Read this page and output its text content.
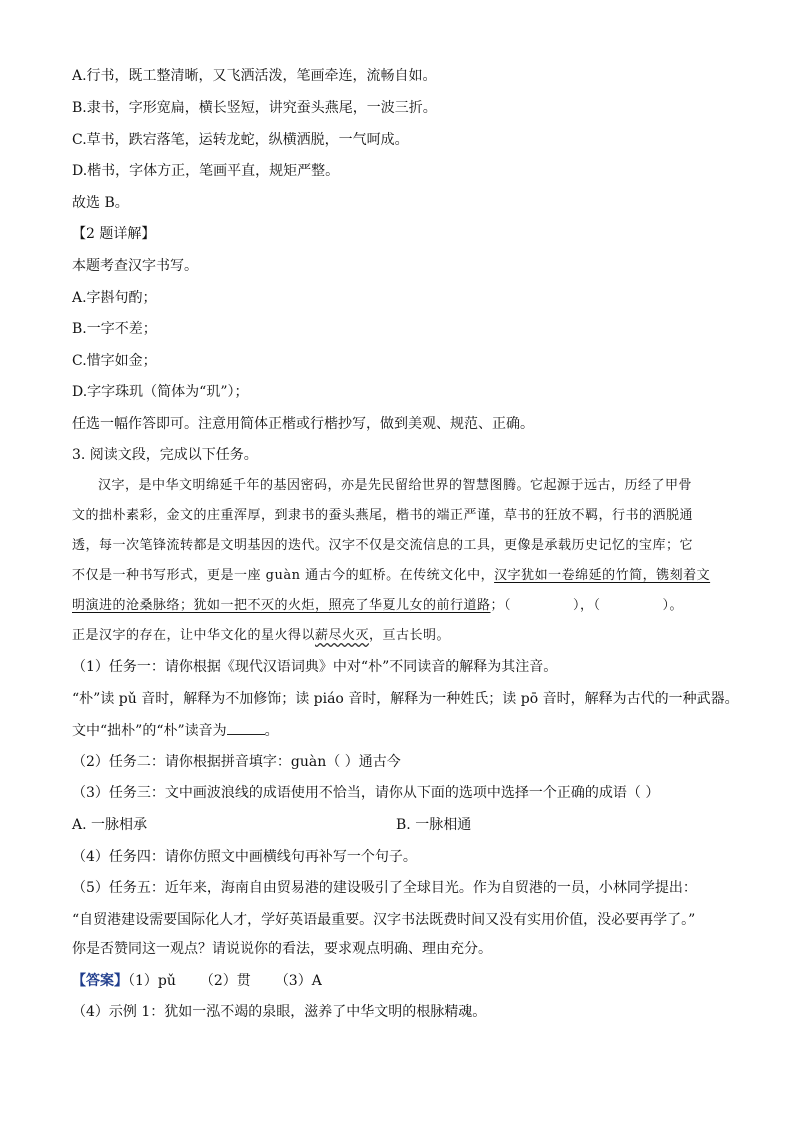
A.行书，既工整清晰，又飞洒活泼，笔画牵连，流畅自如。
B.隶书，字形宽扁，横长竖短，讲究蚕头燕尾，一波三折。
C.草书，跌宕落笔，运转龙蛇，纵横洒脱，一气呵成。
D.楷书，字体方正，笔画平直，规矩严整。
故选 B。
【2 题详解】
本题考查汉字书写。
A.字斟句酌；
B.一字不差；
C.惜字如金；
D.字字珠玑（简体为“玑”）；
任选一幅作答即可。注意用简体正楷或行楷抄写，做到美观、规范、正确。
3. 阅读文段，完成以下任务。
汉字，是中华文明绵延千年的基因密码，亦是先民留给世界的智慧图腾。它起源于远古，历经了甲骨
文的拙朴素彩，金文的庄重浑厚，到隶书的蚕头燕尾，楷书的端正严谨，草书的狂放不羁，行书的洒脱通
透，每一次笔锋流转都是文明基因的迭代。汉字不仅是交流信息的工具，更像是承载历史记忆的宝库；它
不仅是一种书写形式，更是一座 guàn 通古今的虹桥。在传统文化中，汉字犹如一卷绵延的竹简，镌刻着文
明演进的沧桑脉络；犹如一把不灭的火炬，照亮了华夏儿女的前行道路；（	），（	）。
正是汉字的存在，让中华文化的星火得以薪尽火灭，亘古长明。
（1）任务一：请你根据《现代汉语词典》中对“朴”不同读音的解释为其注音。
“朴”读 pǔ 音时，解释为不加修饰；读 piáo 音时，解释为一种姓氏；读 pō 音时，解释为古代的一种武器。
文中“拙朴”的“朴”读音为	。
（2）任务二：请你根据拼音填字：guàn（ ）通古今
（3）任务三：文中画波浪线的成语使用不恰当，请你从下面的选项中选择一个正确的成语（ ）
A. 一脉相承	B. 一脉相通
（4）任务四：请你仿照文中画横线句再补写一个句子。
（5）任务五：近年来，海南自由贸易港的建设吸引了全球目光。作为自贸港的一员，小林同学提出：
“自贸港建设需要国际化人才，学好英语最重要。汉字书法既费时间又没有实用价值，没必要再学了。”
你是否赞同这一观点？请说说你的看法，要求观点明确、理由充分。
【答案】（1）pǔ （2）贯 （3）A
（4）示例 1：犹如一泓不竭的泉眼，滋养了中华文明的根脉精魂。
